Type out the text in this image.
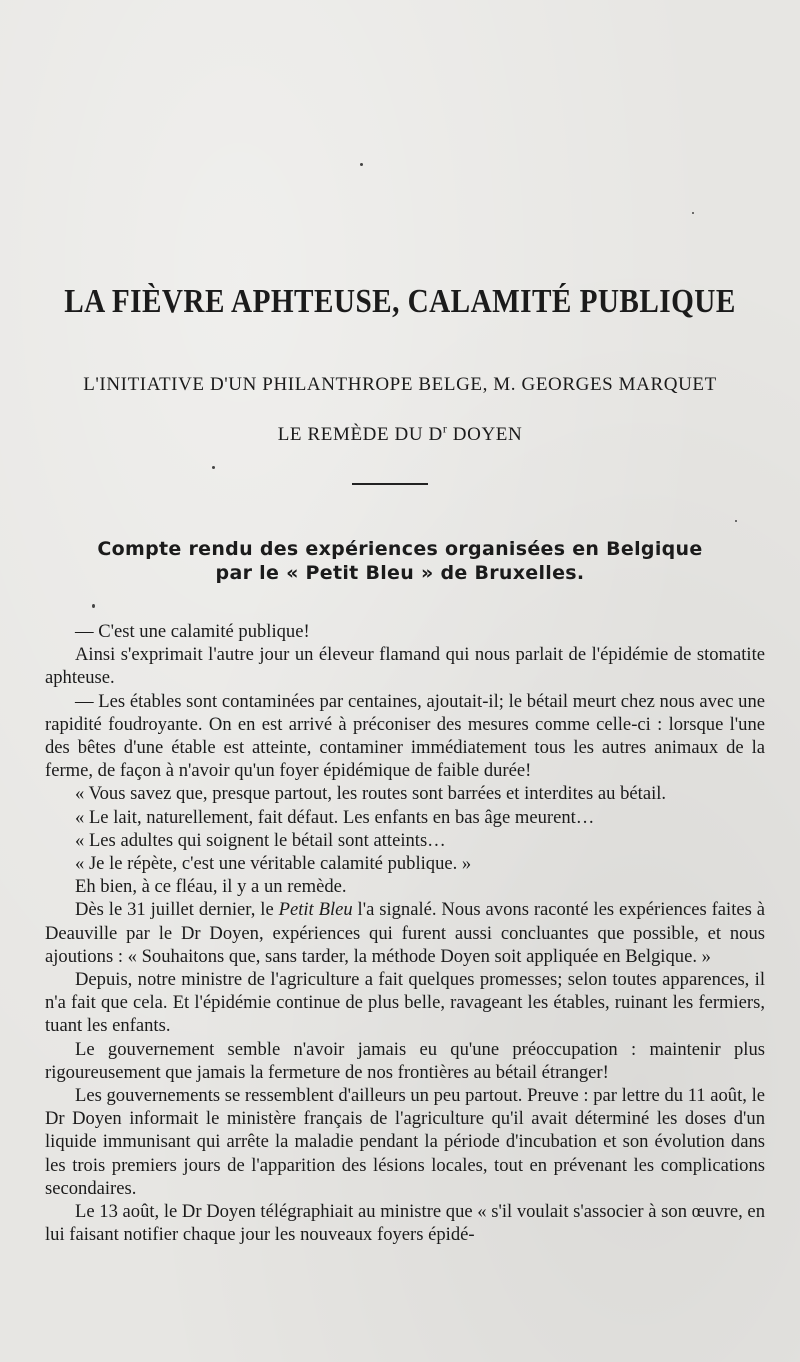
LA FIÈVRE APHTEUSE, CALAMITÉ PUBLIQUE
L'INITIATIVE D'UN PHILANTHROPE BELGE, M. GEORGES MARQUET
LE REMÈDE DU $D^r$ DOYEN
Compte rendu des expériences organisées en Belgique
par le « Petit Bleu » de Bruxelles.

— C'est une calamité publique!

Ainsi s'exprimait l'autre jour un éleveur flamand qui nous parlait de l'épidémie de stomatite aphteuse.

— Les étables sont contaminées par centaines, ajoutait-il; le bétail meurt chez nous avec une rapidité foudroyante. On en est arrivé à préconiser des mesures comme celle-ci : lorsque l'une des bêtes d'une étable est atteinte, contaminer immédiatement tous les autres animaux de la ferme, de façon à n'avoir qu'un foyer épidémique de faible durée!

« Vous savez que, presque partout, les routes sont barrées et interdites au bétail.

« Le lait, naturellement, fait défaut. Les enfants en bas âge meurent…

« Les adultes qui soignent le bétail sont atteints…

« Je le répète, c'est une véritable calamité publique. »

Eh bien, à ce fléau, il y a un remède.

Dès le 31 juillet dernier, le Petit Bleu l'a signalé. Nous avons raconté les expériences faites à Deauville par le Dr Doyen, expériences qui furent aussi concluantes que possible, et nous ajoutions : « Souhaitons que, sans tarder, la méthode Doyen soit appliquée en Belgique. »

Depuis, notre ministre de l'agriculture a fait quelques promesses; selon toutes apparences, il n'a fait que cela. Et l'épidémie continue de plus belle, ravageant les étables, ruinant les fermiers, tuant les enfants.

Le gouvernement semble n'avoir jamais eu qu'une préoccupation : maintenir plus rigoureusement que jamais la fermeture de nos frontières au bétail étranger!

Les gouvernements se ressemblent d'ailleurs un peu partout. Preuve : par lettre du 11 août, le Dr Doyen informait le ministère français de l'agriculture qu'il avait déterminé les doses d'un liquide immunisant qui arrête la maladie pendant la période d'incubation et son évolution dans les trois premiers jours de l'apparition des lésions locales, tout en prévenant les complications secondaires.

Le 13 août, le Dr Doyen télégraphiait au ministre que « s'il voulait s'associer à son œuvre, en lui faisant notifier chaque jour les nouveaux foyers épidé-
